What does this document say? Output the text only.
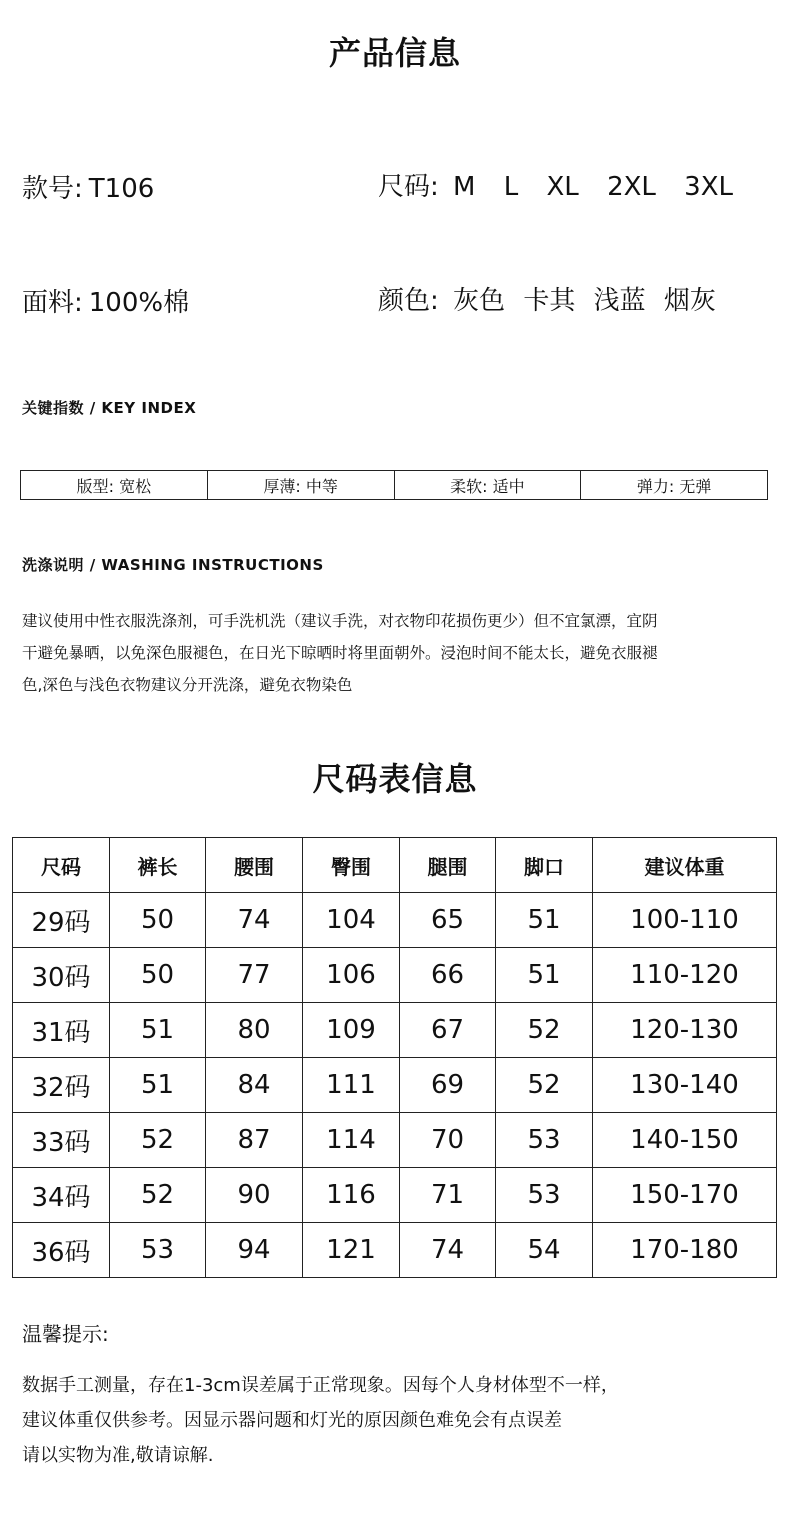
产品信息
款号: T106	尺码: M L XL 2XL 3XL
面料: 100%棉	颜色: 灰色 卡其 浅蓝 烟灰
关键指数 / KEY INDEX
版型: 宽松	厚薄: 中等	柔软: 适中	弹力: 无弹
洗涤说明 / WASHING INSTRUCTIONS
建议使用中性衣服洗涤剂，可手洗机洗（建议手洗，对衣物印花损伤更少）但不宜氯漂，宜阴
干避免暴晒，以免深色服褪色，在日光下晾晒时将里面朝外。浸泡时间不能太长，避免衣服褪
色,深色与浅色衣物建议分开洗涤，避免衣物染色
尺码表信息
尺码	裤长	腰围	臀围	腿围	脚口	建议体重
29码	50	74	104	65	51	100-110
30码	50	77	106	66	51	110-120
31码	51	80	109	67	52	120-130
32码	51	84	111	69	52	130-140
33码	52	87	114	70	53	140-150
34码	52	90	116	71	53	150-170
36码	53	94	121	74	54	170-180
温馨提示:
数据手工测量，存在1-3cm误差属于正常现象。因每个人身材体型不一样，
建议体重仅供参考。因显示器问题和灯光的原因颜色难免会有点误差
请以实物为准,敬请谅解.
